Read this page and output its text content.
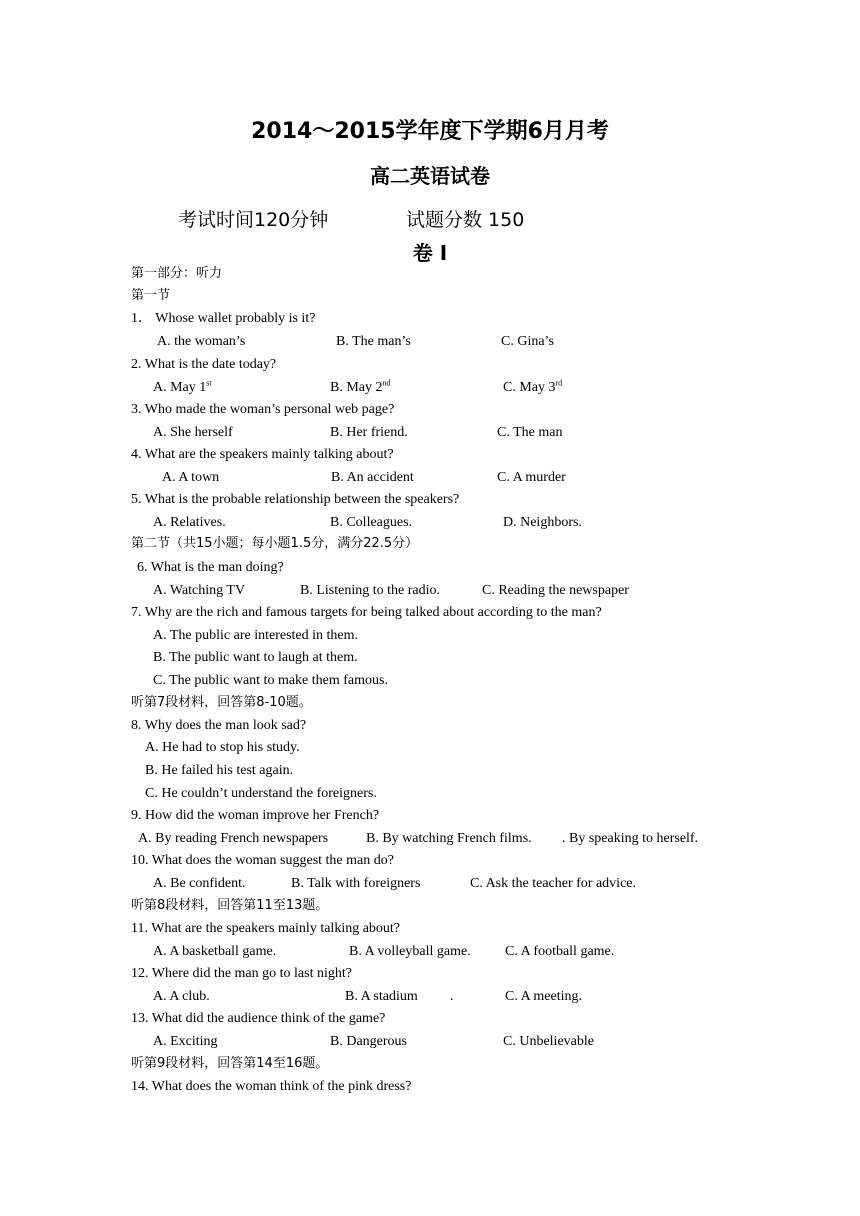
2014～2015学年度下学期6月月考
高二英语试卷
考试时间120分钟	试题分数 150
卷 I
第一部分：听力
第一节
1． Whose wallet probably is it?
A. the woman’s	B. The man’s	C. Gina’s
2. What is the date today?
A. May 1st	B. May 2nd	C. May 3rd
3. Who made the woman’s personal web page?
A. She herself	B. Her friend.	C. The man
4. What are the speakers mainly talking about?
A. A town	B. An accident	C. A murder
5. What is the probable relationship between the speakers?
A. Relatives.	B. Colleagues.	D. Neighbors.
第二节（共15小题；每小题1.5分，满分22.5分）
6. What is the man doing?
A. Watching TV	B. Listening to the radio.	C. Reading the newspaper
7. Why are the rich and famous targets for being talked about according to the man?
A. The public are interested in them.
B. The public want to laugh at them.
C. The public want to make them famous.
听第7段材料，回答第8-10题。
8. Why does the man look sad?
A. He had to stop his study.
B. He failed his test again.
C. He couldn’t understand the foreigners.
9. How did the woman improve her French?
A. By reading French newspapers	B. By watching French films. . By speaking to herself.
10. What does the woman suggest the man do?
A. Be confident.	B. Talk with foreigners	C. Ask the teacher for advice.
听第8段材料，回答第11至13题。
11. What are the speakers mainly talking about?
A. A basketball game.	B. A volleyball game. C. A football game.
12. Where did the man go to last night?
A. A club.	B. A stadium .	C. A meeting.
13. What did the audience think of the game?
A. Exciting	B. Dangerous	C. Unbelievable
听第9段材料，回答第14至16题。
14. What does the woman think of the pink dress?
